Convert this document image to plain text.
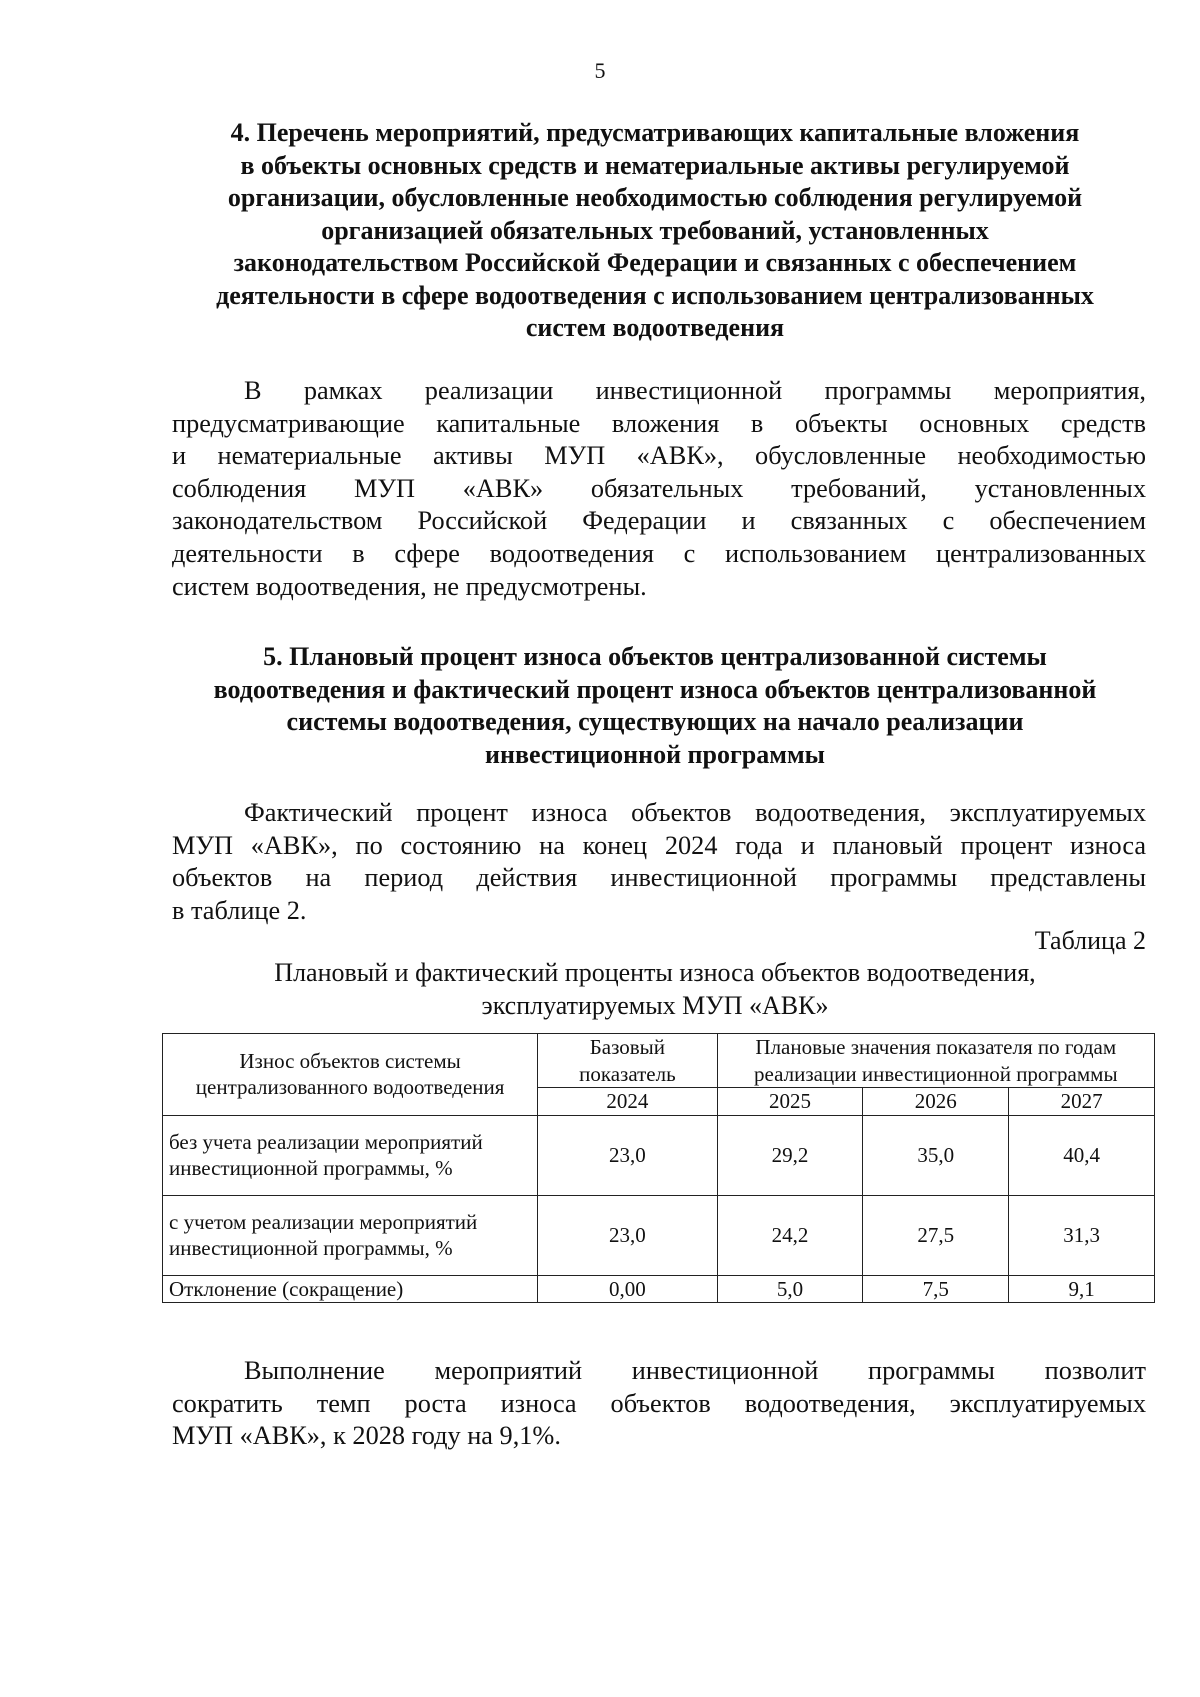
5
4. Перечень мероприятий, предусматривающих капитальные вложения
в объекты основных средств и нематериальные активы регулируемой
организации, обусловленные необходимостью соблюдения регулируемой
организацией обязательных требований, установленных
законодательством Российской Федерации и связанных с обеспечением
деятельности в сфере водоотведения с использованием централизованных
систем водоотведения

В рамках реализации инвестиционной программы мероприятия,
предусматривающие капитальные вложения в объекты основных средств
и нематериальные активы МУП «АВК», обусловленные необходимостью
соблюдения МУП «АВК» обязательных требований, установленных
законодательством Российской Федерации и связанных с обеспечением
деятельности в сфере водоотведения с использованием централизованных
систем водоотведения, не предусмотрены.

5. Плановый процент износа объектов централизованной системы
водоотведения и фактический процент износа объектов централизованной
системы водоотведения, существующих на начало реализации
инвестиционной программы

Фактический процент износа объектов водоотведения, эксплуатируемых
МУП «АВК», по состоянию на конец 2024 года и плановый процент износа
объектов на период действия инвестиционной программы представлены
в таблице 2.

Таблица 2
Плановый и фактический проценты износа объектов водоотведения,
эксплуатируемых МУП «АВК»
Износ объектов системы централизованного водоотведения	Базовый показатель	Плановые значения показателя по годам реализации инвестиционной программы		
	2024	2025	2026	2027
без учета реализации мероприятий инвестиционной программы, %	23,0	29,2	35,0	40,4
с учетом реализации мероприятий инвестиционной программы, %	23,0	24,2	27,5	31,3
Отклонение (сокращение)	0,00	5,0	7,5	9,1

Выполнение мероприятий инвестиционной программы позволит
сократить темп роста износа объектов водоотведения, эксплуатируемых
МУП «АВК», к 2028 году на 9,1%.
